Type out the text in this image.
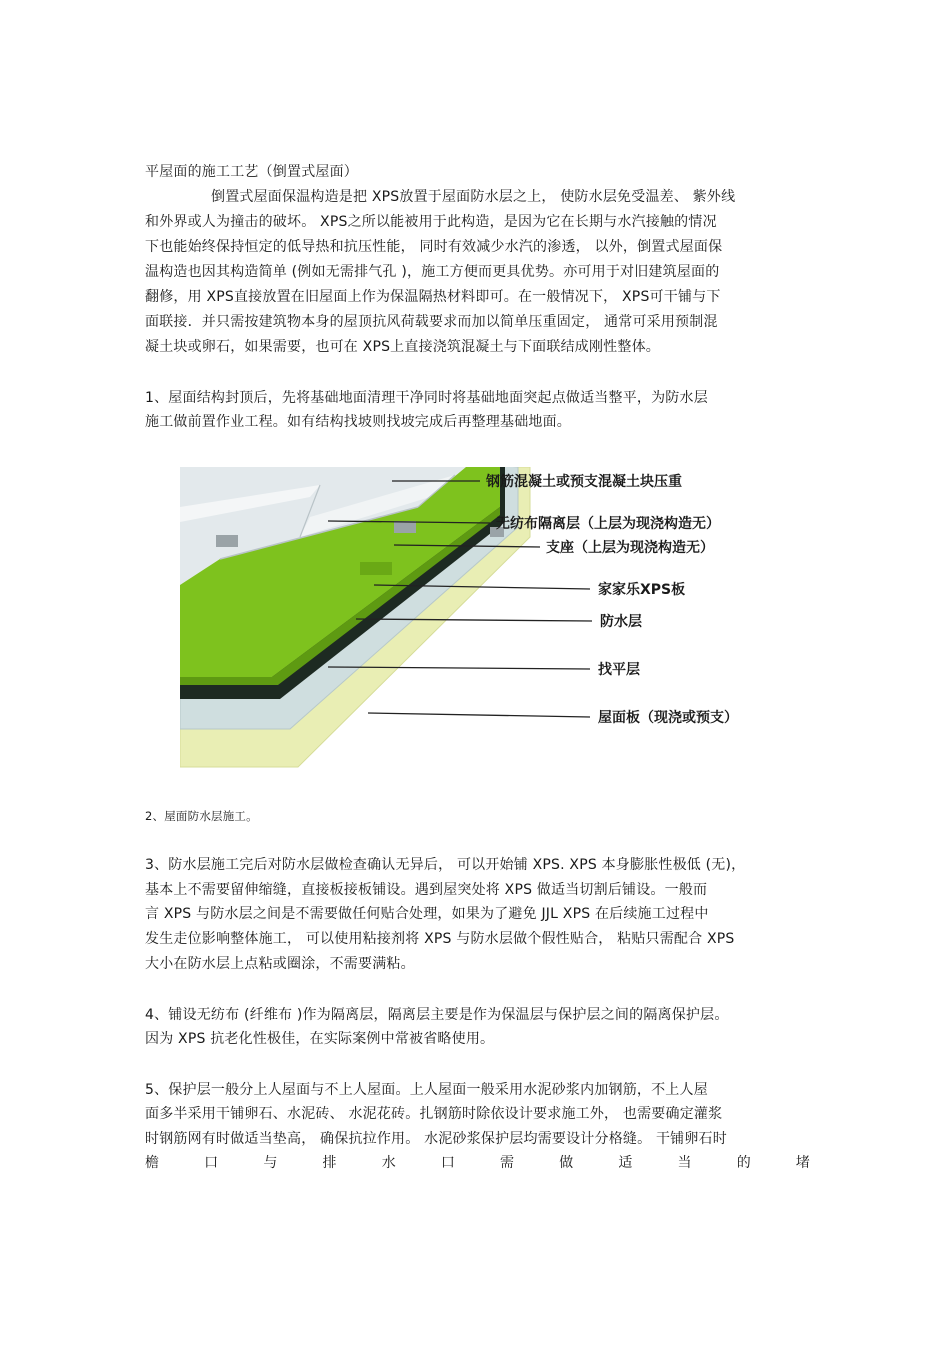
平屋面的施工工艺（倒置式屋面）
倒置式屋面保温构造是把 XPS放置于屋面防水层之上， 使防水层免受温差、 紫外线
和外界或人为撞击的破坏。 XPS之所以能被用于此构造，是因为它在长期与水汽接触的情况
下也能始终保持恒定的低导热和抗压性能， 同时有效减少水汽的渗透， 以外，倒置式屋面保
温构造也因其构造简单 (例如无需排气孔 )，施工方便而更具优势。亦可用于对旧建筑屋面的
翻修，用 XPS直接放置在旧屋面上作为保温隔热材料即可。在一般情况下， XPS可干铺与下
面联接．并只需按建筑物本身的屋顶抗风荷载要求而加以简单压重固定， 通常可采用预制混
凝土块或卵石，如果需要，也可在 XPS上直接浇筑混凝土与下面联结成刚性整体。
1、屋面结构封顶后，先将基础地面清理干净同时将基础地面突起点做适当整平，为防水层
施工做前置作业工程。如有结构找坡则找坡完成后再整理基础地面。
2、屋面防水层施工。
3、防水层施工完后对防水层做检查确认无异后， 可以开始铺 XPS. XPS 本身膨胀性极低 (无)，
基本上不需要留伸缩缝，直接板接板铺设。遇到屋突处将 XPS 做适当切割后铺设。一般而
言 XPS 与防水层之间是不需要做任何贴合处理，如果为了避免 JJL XPS 在后续施工过程中
发生走位影响整体施工， 可以使用粘接剂将 XPS 与防水层做个假性贴合， 粘贴只需配合 XPS
大小在防水层上点粘或圈涂，不需要满粘。
4、铺设无纺布 (纤维布 )作为隔离层，隔离层主要是作为保温层与保护层之间的隔离保护层。
因为 XPS 抗老化性极佳，在实际案例中常被省略使用。
5、保护层一般分上人屋面与不上人屋面。上人屋面一般采用水泥砂浆内加钢筋，不上人屋
面多半采用干铺卵石、水泥砖、 水泥花砖。扎钢筋时除依设计要求施工外， 也需要确定灌浆
时钢筋网有时做适当垫高， 确保抗拉作用。 水泥砂浆保护层均需要设计分格缝。 干铺卵石时
檐	口	与	排	水	口	需	做	适	当	的	堵
钢筋混凝土或预支混凝土块压重
无纺布隔离层（上层为现浇构造无）
支座（上层为现浇构造无）
家家乐XPS板
防水层
找平层
屋面板（现浇或预支）
